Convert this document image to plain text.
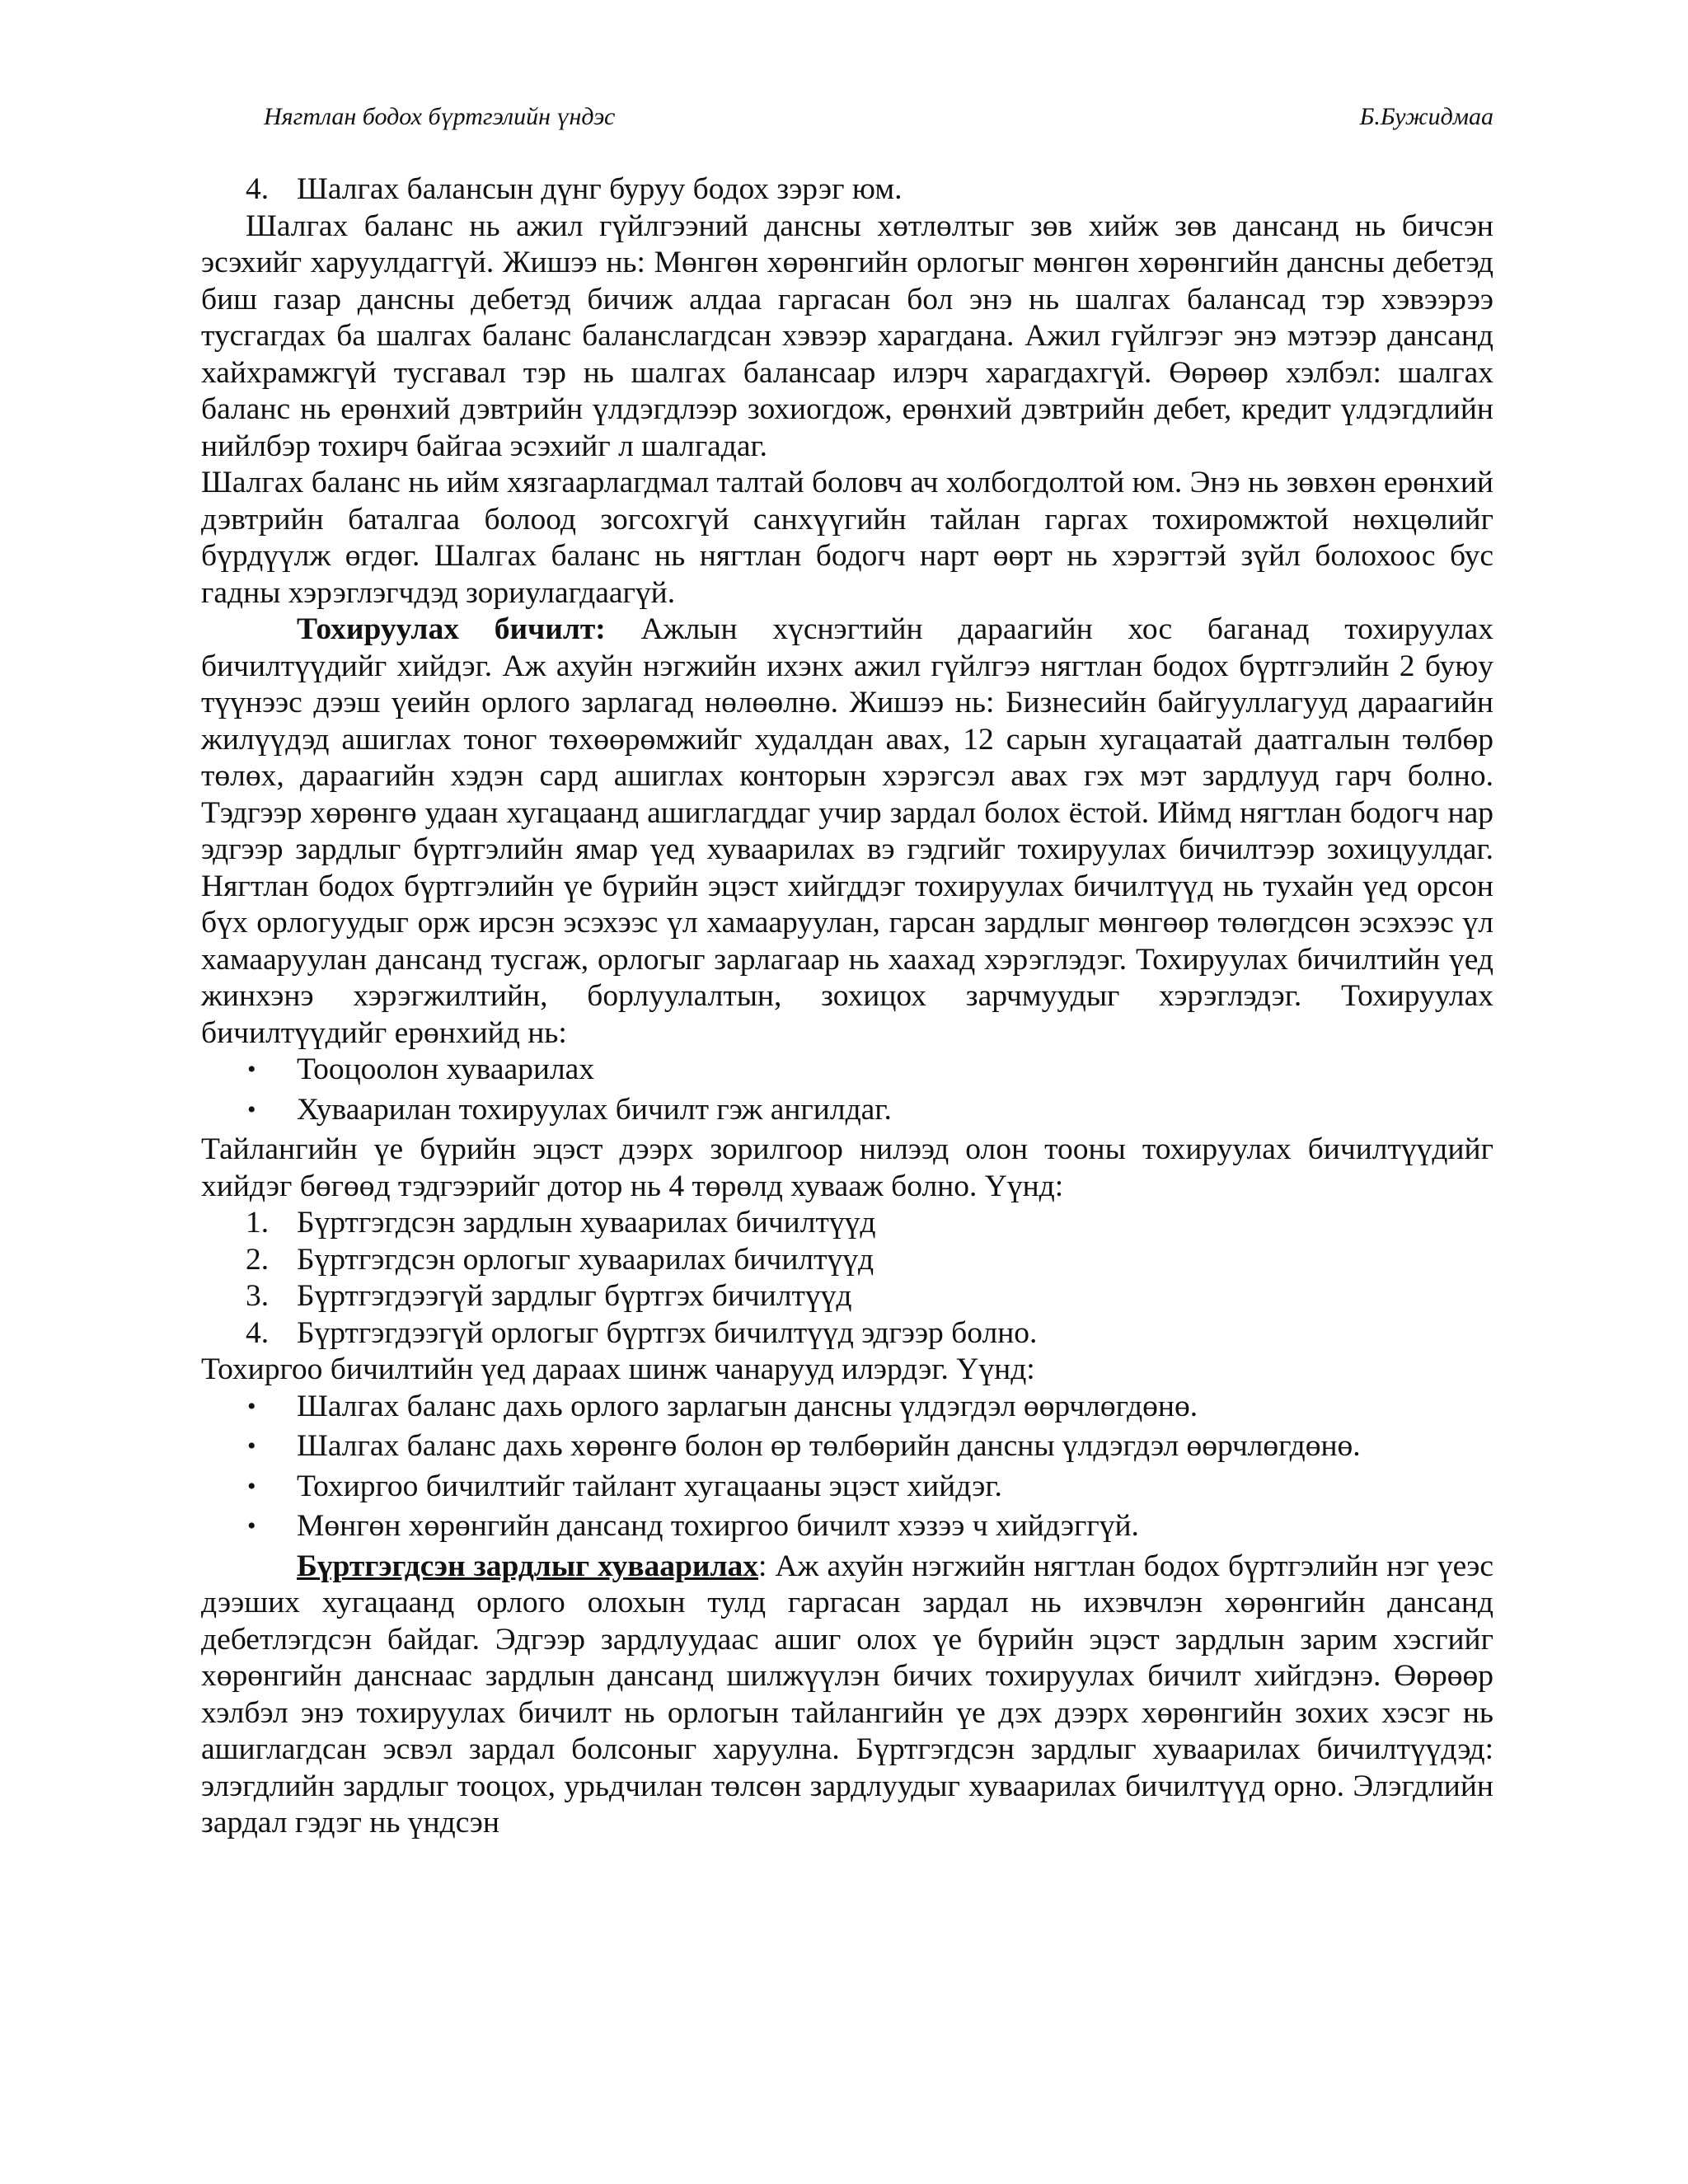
Нягтлан бодох бүртгэлийн үндэс	Б.Бужидмаа
4. Шалгах балансын дүнг буруу бодох зэрэг юм.

Шалгах баланс нь ажил гүйлгээний дансны хөтлөлтыг зөв хийж зөв дансанд нь бичсэн эсэхийг харуулдаггүй. Жишээ нь: Мөнгөн хөрөнгийн орлогыг мөнгөн хөрөнгийн дансны дебетэд биш газар дансны дебетэд бичиж алдаа гаргасан бол энэ нь шалгах балансад тэр хэвээрээ тусгагдах ба шалгах баланс баланслагдсан хэвээр харагдана. Ажил гүйлгээг энэ мэтээр дансанд хайхрамжгүй тусгавал тэр нь шалгах балансаар илэрч харагдахгүй. Өөрөөр хэлбэл: шалгах баланс нь ерөнхий дэвтрийн үлдэгдлээр зохиогдож, ерөнхий дэвтрийн дебет, кредит үлдэгдлийн нийлбэр тохирч байгаа эсэхийг л шалгадаг.

Шалгах баланс нь ийм хязгаарлагдмал талтай боловч ач холбогдолтой юм. Энэ нь зөвхөн ерөнхий дэвтрийн баталгаа болоод зогсохгүй санхүүгийн тайлан гаргах тохиромжтой нөхцөлийг бүрдүүлж өгдөг. Шалгах баланс нь нягтлан бодогч нарт өөрт нь хэрэгтэй зүйл болохоос бус гадны хэрэглэгчдэд зориулагдаагүй.

Тохируулах бичилт: Ажлын хүснэгтийн дараагийн хос баганад тохируулах бичилтүүдийг хийдэг. Аж ахуйн нэгжийн ихэнх ажил гүйлгээ нягтлан бодох бүртгэлийн 2 буюу түүнээс дээш үеийн орлого зарлагад нөлөөлнө. Жишээ нь: Бизнесийн байгууллагууд дараагийн жилүүдэд ашиглах тоног төхөөрөмжийг худалдан авах, 12 сарын хугацаатай даатгалын төлбөр төлөх, дараагийн хэдэн сард ашиглах конторын хэрэгсэл авах гэх мэт зардлууд гарч болно. Тэдгээр хөрөнгө удаан хугацаанд ашиглагддаг учир зардал болох ёстой. Иймд нягтлан бодогч нар эдгээр зардлыг бүртгэлийн ямар үед хуваарилах вэ гэдгийг тохируулах бичилтээр зохицуулдаг. Нягтлан бодох бүртгэлийн үе бүрийн эцэст хийгддэг тохируулах бичилтүүд нь тухайн үед орсон бүх орлогуудыг орж ирсэн эсэхээс үл хамааруулан, гарсан зардлыг мөнгөөр төлөгдсөн эсэхээс үл хамааруулан дансанд тусгаж, орлогыг зарлагаар нь хаахад хэрэглэдэг. Тохируулах бичилтийн үед жинхэнэ хэрэгжилтийн, борлуулалтын, зохицох зарчмуудыг хэрэглэдэг. Тохируулах бичилтүүдийг ерөнхийд нь:

• Тооцоолон хуваарилах
• Хуваарилан тохируулах бичилт гэж ангилдаг.

Тайлангийн үе бүрийн эцэст дээрх зорилгоор нилээд олон тооны тохируулах бичилтүүдийг хийдэг бөгөөд тэдгээрийг дотор нь 4 төрөлд хувааж болно. Үүнд:

1. Бүртгэгдсэн зардлын хуваарилах бичилтүүд
2. Бүртгэгдсэн орлогыг хуваарилах бичилтүүд
3. Бүртгэгдээгүй зардлыг бүртгэх бичилтүүд
4. Бүртгэгдээгүй орлогыг бүртгэх бичилтүүд эдгээр болно.

Тохиргоо бичилтийн үед дараах шинж чанарууд илэрдэг. Үүнд:

• Шалгах баланс дахь орлого зарлагын дансны үлдэгдэл өөрчлөгдөнө.
• Шалгах баланс дахь хөрөнгө болон өр төлбөрийн дансны үлдэгдэл өөрчлөгдөнө.
• Тохиргоо бичилтийг тайлант хугацааны эцэст хийдэг.
• Мөнгөн хөрөнгийн дансанд тохиргоо бичилт хэзээ ч хийдэггүй.

Бүртгэгдсэн зардлыг хуваарилах: Аж ахуйн нэгжийн нягтлан бодох бүртгэлийн нэг үеэс дээших хугацаанд орлого олохын тулд гаргасан зардал нь ихэвчлэн хөрөнгийн дансанд дебетлэгдсэн байдаг. Эдгээр зардлуудаас ашиг олох үе бүрийн эцэст зардлын зарим хэсгийг хөрөнгийн данснаас зардлын дансанд шилжүүлэн бичих тохируулах бичилт хийгдэнэ. Өөрөөр хэлбэл энэ тохируулах бичилт нь орлогын тайлангийн үе дэх дээрх хөрөнгийн зохих хэсэг нь ашиглагдсан эсвэл зардал болсоныг харуулна. Бүртгэгдсэн зардлыг хуваарилах бичилтүүдэд: элэгдлийн зардлыг тооцох, урьдчилан төлсөн зардлуудыг хуваарилах бичилтүүд орно. Элэгдлийн зардал гэдэг нь үндсэн
